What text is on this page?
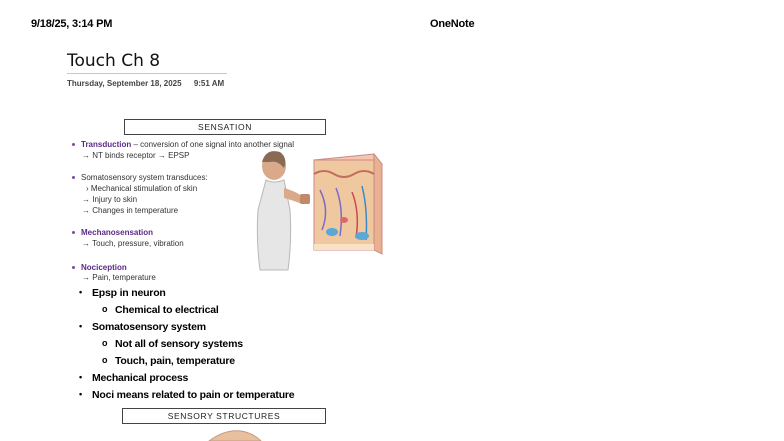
9/18/25, 3:14 PM	OneNote
Touch Ch 8
Thursday, September 18, 2025 9:51 AM
SENSATION
Transduction – conversion of one signal into another signal
→ NT binds receptor → EPSP
Somatosensory system transduces:
› Mechanical stimulation of skin
→ Injury to skin
→ Changes in temperature
Mechanosensation
→ Touch, pressure, vibration
Nociception
→ Pain, temperature
• Epsp in neuron
o Chemical to electrical
• Somatosensory system
o Not all of sensory systems
o Touch, pain, temperature
• Mechanical process
• Noci means related to pain or temperature
SENSORY STRUCTURES
